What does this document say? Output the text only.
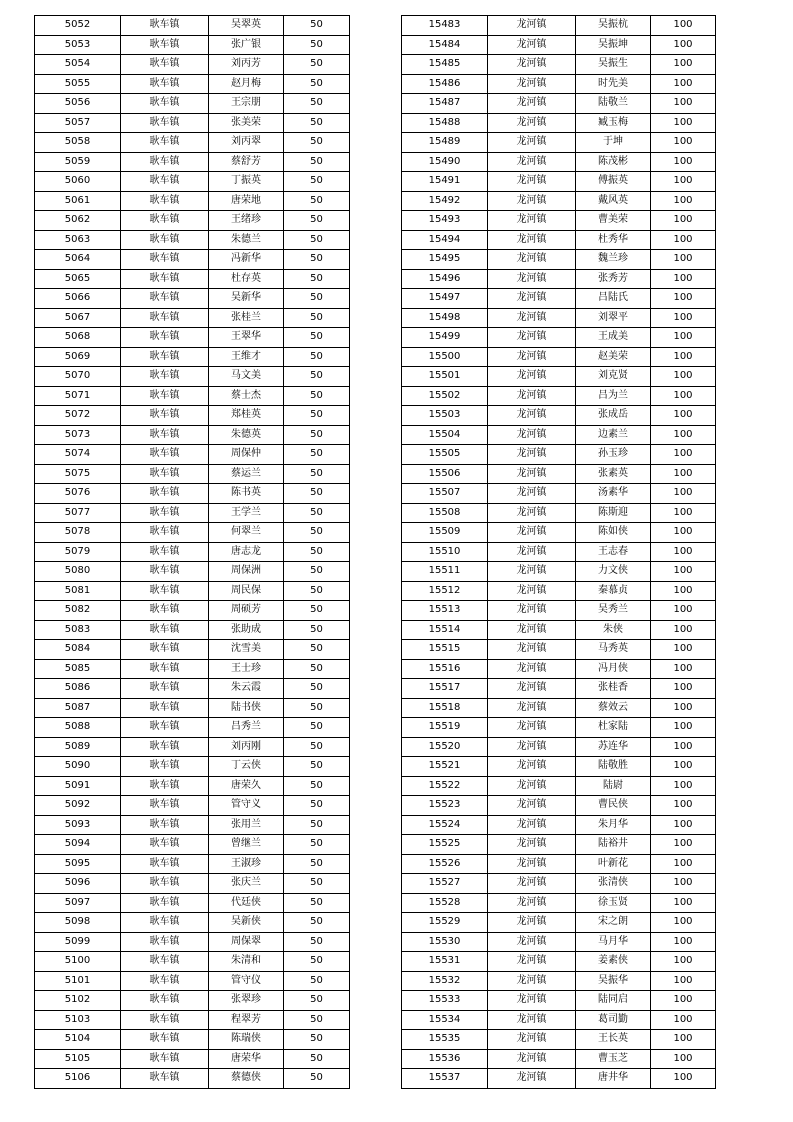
5052	耿车镇	吴翠英	50
5053	耿车镇	张广银	50
5054	耿车镇	刘丙芳	50
5055	耿车镇	赵月梅	50
5056	耿车镇	王宗朋	50
5057	耿车镇	张美荣	50
5058	耿车镇	刘丙翠	50
5059	耿车镇	蔡舒芳	50
5060	耿车镇	丁振英	50
5061	耿车镇	唐荣地	50
5062	耿车镇	王绪珍	50
5063	耿车镇	朱德兰	50
5064	耿车镇	冯新华	50
5065	耿车镇	杜存英	50
5066	耿车镇	吴新华	50
5067	耿车镇	张桂兰	50
5068	耿车镇	王翠华	50
5069	耿车镇	王维才	50
5070	耿车镇	马文美	50
5071	耿车镇	蔡士杰	50
5072	耿车镇	郑桂英	50
5073	耿车镇	朱德英	50
5074	耿车镇	周保仲	50
5075	耿车镇	蔡运兰	50
5076	耿车镇	陈书英	50
5077	耿车镇	王学兰	50
5078	耿车镇	何翠兰	50
5079	耿车镇	唐志龙	50
5080	耿车镇	周保洲	50
5081	耿车镇	周民保	50
5082	耿车镇	周硕芳	50
5083	耿车镇	张助成	50
5084	耿车镇	沈雪美	50
5085	耿车镇	王士珍	50
5086	耿车镇	朱云霞	50
5087	耿车镇	陆书侠	50
5088	耿车镇	吕秀兰	50
5089	耿车镇	刘丙刚	50
5090	耿车镇	丁云侠	50
5091	耿车镇	唐荣久	50
5092	耿车镇	管守义	50
5093	耿车镇	张用兰	50
5094	耿车镇	曾继兰	50
5095	耿车镇	王淑珍	50
5096	耿车镇	张庆兰	50
5097	耿车镇	代廷侠	50
5098	耿车镇	吴新侠	50
5099	耿车镇	周保翠	50
5100	耿车镇	朱清和	50
5101	耿车镇	管守仪	50
5102	耿车镇	张翠珍	50
5103	耿车镇	程翠芳	50
5104	耿车镇	陈瑞侠	50
5105	耿车镇	唐荣华	50
5106	耿车镇	蔡德侠	50
15483	龙河镇	吴振杭	100
15484	龙河镇	吴振坤	100
15485	龙河镇	吴振生	100
15486	龙河镇	时先美	100
15487	龙河镇	陆敬兰	100
15488	龙河镇	臧玉梅	100
15489	龙河镇	于坤	100
15490	龙河镇	陈茂彬	100
15491	龙河镇	傅振英	100
15492	龙河镇	戴风英	100
15493	龙河镇	曹美荣	100
15494	龙河镇	杜秀华	100
15495	龙河镇	魏兰珍	100
15496	龙河镇	张秀芳	100
15497	龙河镇	吕陆氏	100
15498	龙河镇	刘翠平	100
15499	龙河镇	王成美	100
15500	龙河镇	赵美荣	100
15501	龙河镇	刘克贤	100
15502	龙河镇	吕为兰	100
15503	龙河镇	张成岳	100
15504	龙河镇	边素兰	100
15505	龙河镇	孙玉珍	100
15506	龙河镇	张素英	100
15507	龙河镇	汤素华	100
15508	龙河镇	陈斯迎	100
15509	龙河镇	陈如侠	100
15510	龙河镇	王志春	100
15511	龙河镇	力文侠	100
15512	龙河镇	秦慕贞	100
15513	龙河镇	吴秀兰	100
15514	龙河镇	朱侠	100
15515	龙河镇	马秀英	100
15516	龙河镇	冯月侠	100
15517	龙河镇	张桂香	100
15518	龙河镇	蔡效云	100
15519	龙河镇	杜家陆	100
15520	龙河镇	苏连华	100
15521	龙河镇	陆敬胜	100
15522	龙河镇	陆尉	100
15523	龙河镇	曹民侠	100
15524	龙河镇	朱月华	100
15525	龙河镇	陆裕井	100
15526	龙河镇	叶新花	100
15527	龙河镇	张清侠	100
15528	龙河镇	徐玉贤	100
15529	龙河镇	宋之朗	100
15530	龙河镇	马月华	100
15531	龙河镇	姜素侠	100
15532	龙河镇	吴振华	100
15533	龙河镇	陆同启	100
15534	龙河镇	葛司勤	100
15535	龙河镇	王长英	100
15536	龙河镇	曹玉芝	100
15537	龙河镇	唐井华	100
